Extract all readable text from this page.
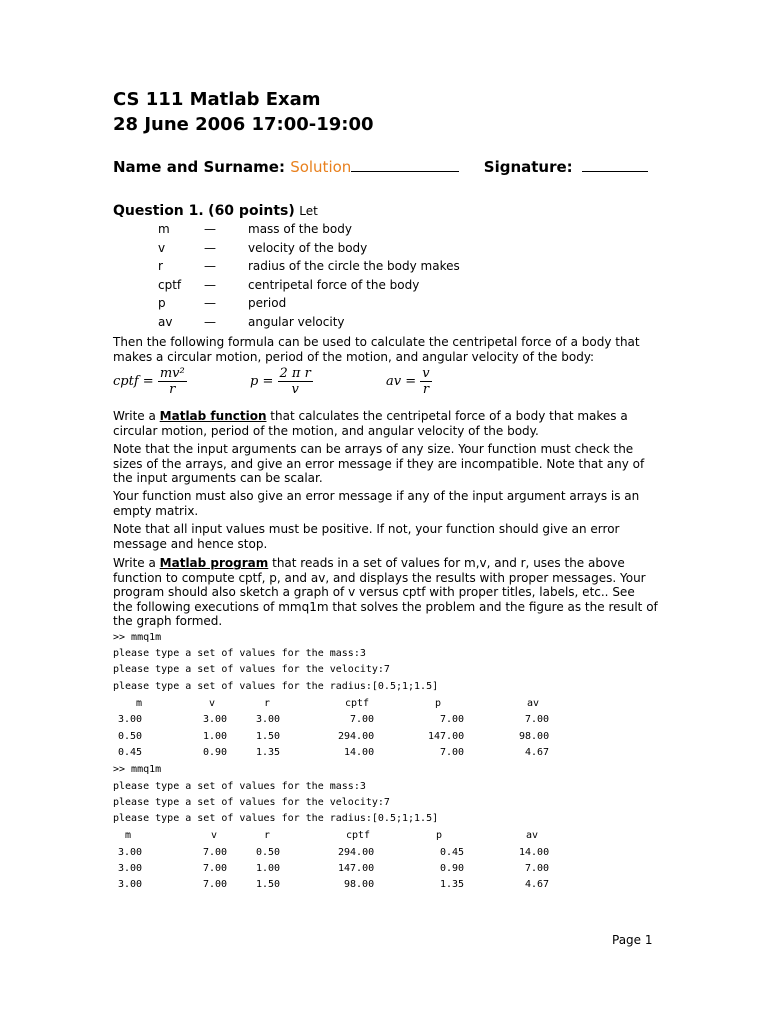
CS 111 Matlab Exam
28 June 2006 17:00-19:00
Name and Surname: Solution	Signature:
Question 1. (60 points) Let
m	—	mass of the body
v	—	velocity of the body
r	—	radius of the circle the body makes
cptf —	centripetal force of the body
p	—	period
av	—	angular velocity
Then the following formula can be used to calculate the centripetal force of a body that makes a circular motion, period of the motion, and angular velocity of the body:
cptf = $\frac{\text{mv²}}{r}$	$p = \frac{\text{2 π r}}{v}$	av = $\frac{v}{r}$
Write a Matlab function that calculates the centripetal force of a body that makes a circular motion, period of the motion, and angular velocity of the body.
Note that the input arguments can be arrays of any size. Your function must check the sizes of the arrays, and give an error message if they are incompatible. Note that any of the input arguments can be scalar.
Your function must also give an error message if any of the input argument arrays is an empty matrix.
Note that all input values must be positive. If not, your function should give an error message and hence stop.
Write a Matlab program that reads in a set of values for m,v, and r, uses the above function to compute cptf, p, and av, and displays the results with proper messages. Your program should also sketch a graph of v versus cptf with proper titles, labels, etc.. See the following executions of mmq1m that solves the problem and the figure as the result of the graph formed.
>> mmq1m
please type a set of values for the mass:3
please type a set of values for the velocity:7
please type a set of values for the radius:[0.5;1;1.5]
m	v	r	cptf	p	av
3.00	3.00	3.00	7.00	7.00	7.00
0.50	1.00	1.50	294.00	147.00	98.00
0.45	0.90	1.35	14.00	7.00	4.67
>> mmq1m
please type a set of values for the mass:3
please type a set of values for the velocity:7
please type a set of values for the radius:[0.5;1;1.5]
m	v	r	cptf	p	av
3.00	7.00	0.50	294.00	0.45	14.00
3.00	7.00	1.00	147.00	0.90	7.00
3.00	7.00	1.50	98.00	1.35	4.67
Page 1
